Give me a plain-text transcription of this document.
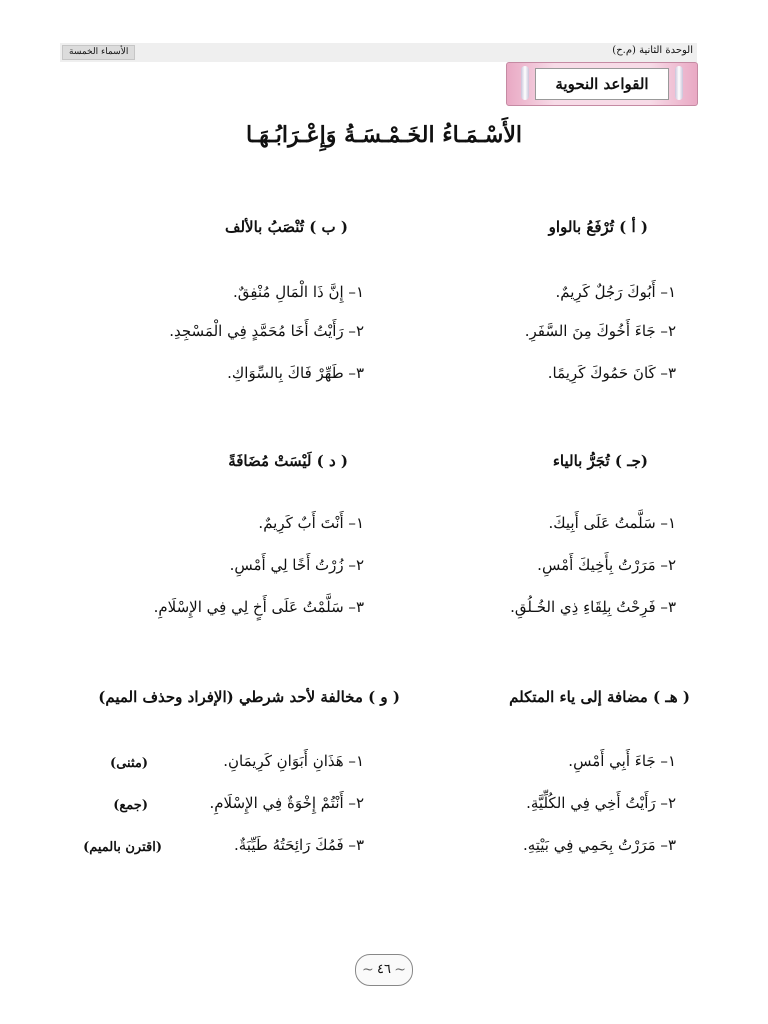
الوحدة الثانية (م.ح)
الأسماء الخمسة
القواعد النحوية
الأَسْـمَـاءُ الخَـمْـسَـةُ وَإِعْـرَابُـهَـا
( أ ) تُرْفَعُ بالواو
١– أَبُوكَ رَجُلٌ كَرِيمٌ.
٢– جَاءَ أَخُوكَ مِنَ السَّفَرِ.
٣– كَانَ حَمُوكَ كَرِيمًا.
( ب ) تُنْصَبُ بالألف
١– إِنَّ ذَا الْمَالِ مُنْفِقٌ.
٢– رَأَيْتُ أَخَا مُحَمَّدٍ فِي الْمَسْجِدِ.
٣– طَهِّرْ فَاكَ بِالسِّوَاكِ.
(جـ ) تُجَرُّ بالياء
١– سَلَّمتُ عَلَى أَبِيكَ.
٢– مَرَرْتُ بِأَخِيكَ أَمْسِ.
٣– فَرِحْتُ بِلِقَاءِ ذِي الخُـلُقِ.
( د ) لَيْسَتْ مُضَافَةً
١– أَنْتَ أَبٌ كَرِيمٌ.
٢– زُرْتُ أَخًا لِي أَمْسِ.
٣– سَلَّمْتُ عَلَى أَخٍ لِي فِي الإِسْلَامِ.
( هـ ) مضافة إلى ياء المتكلم
١– جَاءَ أَبِي أَمْسِ.
٢– رَأَيْتُ أَخِي فِي الكُلِّيَّةِ.
٣– مَرَرْتُ بِحَمِي فِي بَيْتِهِ.
( و ) مخالفة لأحد شرطي (الإفراد وحذف الميم)
١– هَذَانِ أَبَوَانِ كَرِيمَانِ.
٢– أَنْتُمْ إِخْوَةٌ فِي الإِسْلَامِ.
٣– فَمُكَ رَائِحَتُهُ طَيِّبَةٌ.
(مثنى)
(جمع)
(اقترن بالميم)
~ ٤٦ ~
